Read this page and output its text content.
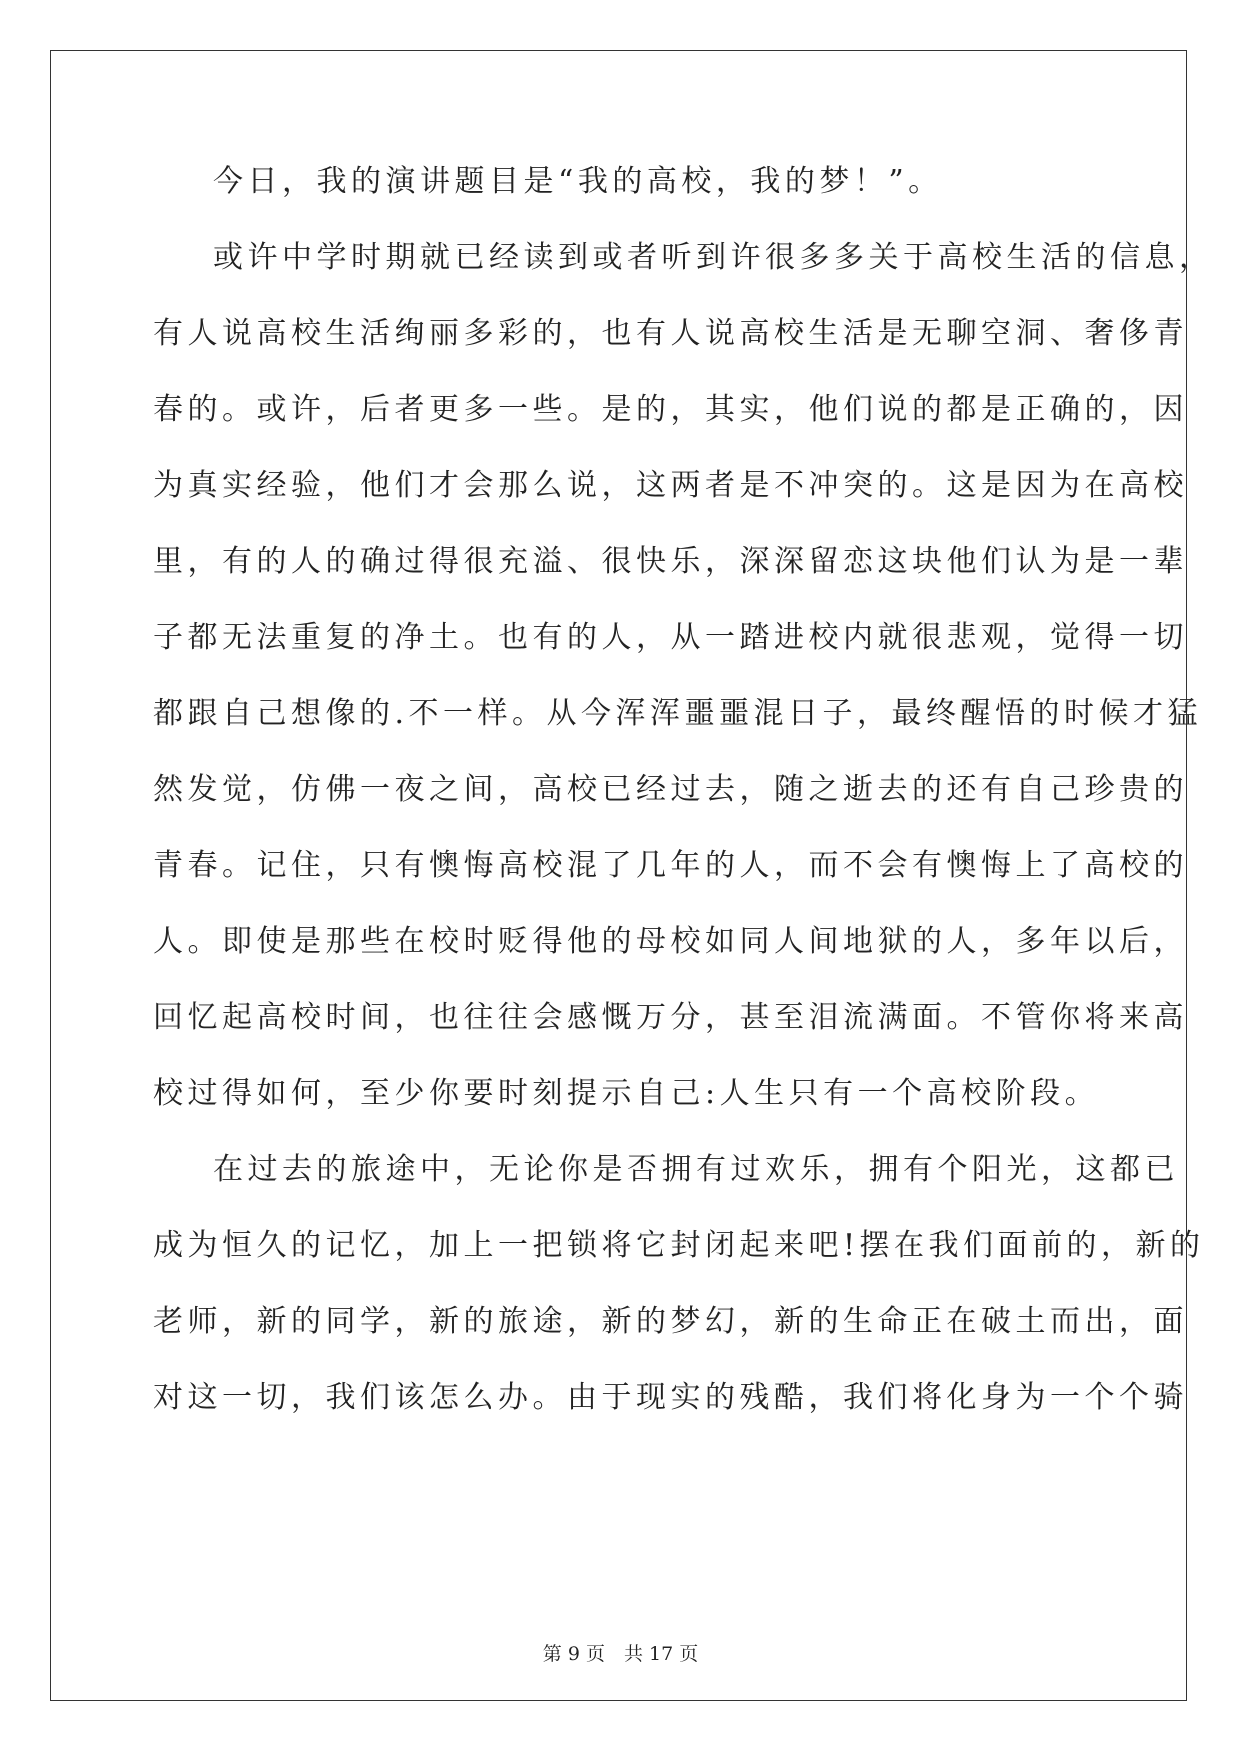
今日，我的演讲题目是“我的高校，我的梦！”。
或许中学时期就已经读到或者听到许很多多关于高校生活的信息，
有人说高校生活绚丽多彩的，也有人说高校生活是无聊空洞、奢侈青
春的。或许，后者更多一些。是的，其实，他们说的都是正确的，因
为真实经验，他们才会那么说，这两者是不冲突的。这是因为在高校
里，有的人的确过得很充溢、很快乐，深深留恋这块他们认为是一辈
子都无法重复的净土。也有的人，从一踏进校内就很悲观，觉得一切
都跟自己想像的.不一样。从今浑浑噩噩混日子，最终醒悟的时候才猛
然发觉，仿佛一夜之间，高校已经过去，随之逝去的还有自己珍贵的
青春。记住，只有懊悔高校混了几年的人，而不会有懊悔上了高校的
人。即使是那些在校时贬得他的母校如同人间地狱的人，多年以后，
回忆起高校时间，也往往会感慨万分，甚至泪流满面。不管你将来高
校过得如何，至少你要时刻提示自己:人生只有一个高校阶段。
在过去的旅途中，无论你是否拥有过欢乐，拥有个阳光，这都已
成为恒久的记忆，加上一把锁将它封闭起来吧!摆在我们面前的，新的
老师，新的同学，新的旅途，新的梦幻，新的生命正在破土而出，面
对这一切，我们该怎么办。由于现实的残酷，我们将化身为一个个骑
第 9 页　共 17 页
